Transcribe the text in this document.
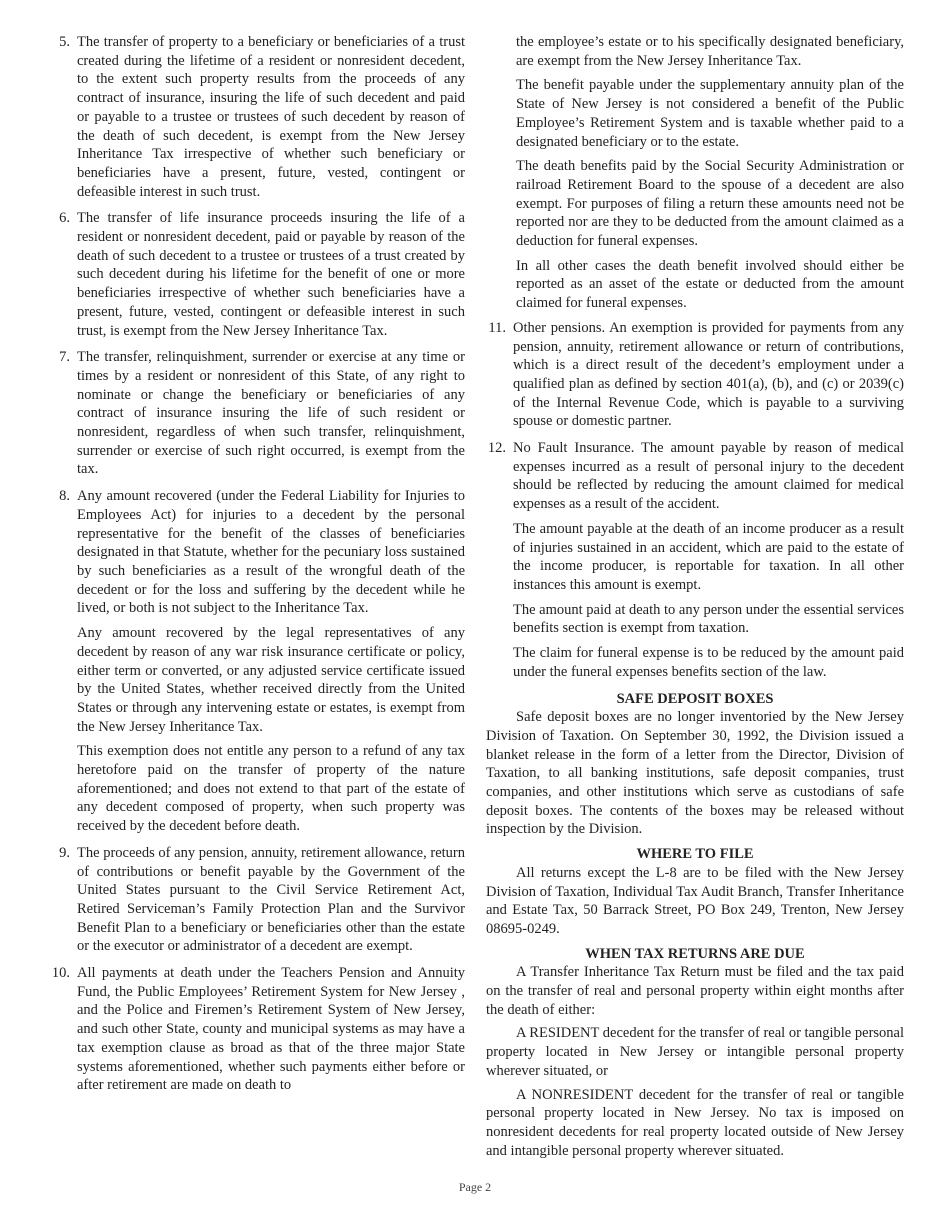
5. The transfer of property to a beneficiary or beneficiaries of a trust created during the lifetime of a resident or nonresident decedent, to the extent such property results from the proceeds of any contract of insurance, insuring the life of such decedent and paid or payable to a trustee or trustees of such decedent by reason of the death of such decedent, is exempt from the New Jersey Inheritance Tax irrespective of whether such beneficiary or beneficiaries have a present, future, vested, contingent or defeasible interest in such trust.

6. The transfer of life insurance proceeds insuring the life of a resident or nonresident decedent, paid or payable by reason of the death of such decedent to a trustee or trustees of a trust created by such decedent during his lifetime for the benefit of one or more beneficiaries irrespective of whether such beneficiaries have a present, future, vested, contingent or defeasible interest in such trust, is exempt from the New Jersey Inheritance Tax.

7. The transfer, relinquishment, surrender or exercise at any time or times by a resident or nonresident of this State, of any right to nominate or change the beneficiary or beneficiaries of any contract of insurance insuring the life of such resident or nonresident, regardless of when such transfer, relinquishment, surrender or exercise of such right occurred, is exempt from the tax.

8. Any amount recovered (under the Federal Liability for Injuries to Employees Act) for injuries to a decedent by the personal representative for the benefit of the classes of beneficiaries designated in that Statute, whether for the pecuniary loss sustained by such beneficiaries as a result of the wrongful death of the decedent or for the loss and suffering by the decedent while he lived, or both is not subject to the Inheritance Tax.

Any amount recovered by the legal representatives of any decedent by reason of any war risk insurance certificate or policy, either term or converted, or any adjusted service certificate issued by the United States, whether received directly from the United States or through any intervening estate or estates, is exempt from the New Jersey Inheritance Tax.

This exemption does not entitle any person to a refund of any tax heretofore paid on the transfer of property of the nature aforementioned; and does not extend to that part of the estate of any decedent composed of property, when such property was received by the decedent before death.

9. The proceeds of any pension, annuity, retirement allowance, return of contributions or benefit payable by the Government of the United States pursuant to the Civil Service Retirement Act, Retired Serviceman’s Family Protection Plan and the Survivor Benefit Plan to a beneficiary or beneficiaries other than the estate or the executor or administrator of a decedent are exempt.

10. All payments at death under the Teachers Pension and Annuity Fund, the Public Employees’ Retirement System for New Jersey , and the Police and Firemen’s Retirement System of New Jersey, and such other State, county and municipal systems as may have a tax exemption clause as broad as that of the three major State systems aforementioned, whether such payments either before or after retirement are made on death to

the employee’s estate or to his specifically designated beneficiary, are exempt from the New Jersey Inheritance Tax.

The benefit payable under the supplementary annuity plan of the State of New Jersey is not considered a benefit of the Public Employee’s Retirement System and is taxable whether paid to a designated beneficiary or to the estate.

The death benefits paid by the Social Security Administration or railroad Retirement Board to the spouse of a decedent are also exempt. For purposes of filing a return these amounts need not be reported nor are they to be deducted from the amount claimed as a deduction for funeral expenses.

In all other cases the death benefit involved should either be reported as an asset of the estate or deducted from the amount claimed for funeral expenses.

11. Other pensions. An exemption is provided for payments from any pension, annuity, retirement allowance or return of contributions, which is a direct result of the decedent’s employment under a qualified plan as defined by section 401(a), (b), and (c) or 2039(c) of the Internal Revenue Code, which is payable to a surviving spouse or domestic partner.

12. No Fault Insurance. The amount payable by reason of medical expenses incurred as a result of personal injury to the decedent should be reflected by reducing the amount claimed for medical expenses as a result of the accident.

The amount payable at the death of an income producer as a result of injuries sustained in an accident, which are paid to the estate of the income producer, is reportable for taxation. In all other instances this amount is exempt.

The amount paid at death to any person under the essential services benefits section is exempt from taxation.

The claim for funeral expense is to be reduced by the amount paid under the funeral expenses benefits section of the law.

SAFE DEPOSIT BOXES

Safe deposit boxes are no longer inventoried by the New Jersey Division of Taxation. On September 30, 1992, the Division issued a blanket release in the form of a letter from the Director, Division of Taxation, to all banking institutions, safe deposit companies, trust companies, and other institutions which serve as custodians of safe deposit boxes. The contents of the boxes may be released without inspection by the Division.

WHERE TO FILE

All returns except the L-8 are to be filed with the New Jersey Division of Taxation, Individual Tax Audit Branch, Transfer Inheritance and Estate Tax, 50 Barrack Street, PO Box 249, Trenton, New Jersey 08695-0249.

WHEN TAX RETURNS ARE DUE

A Transfer Inheritance Tax Return must be filed and the tax paid on the transfer of real and personal property within eight months after the death of either:

A RESIDENT decedent for the transfer of real or tangible personal property located in New Jersey or intangible personal property wherever situated, or

A NONRESIDENT decedent for the transfer of real or tangible personal property located in New Jersey. No tax is imposed on nonresident decedents for real property located outside of New Jersey and intangible personal property wherever situated.

Page 2
